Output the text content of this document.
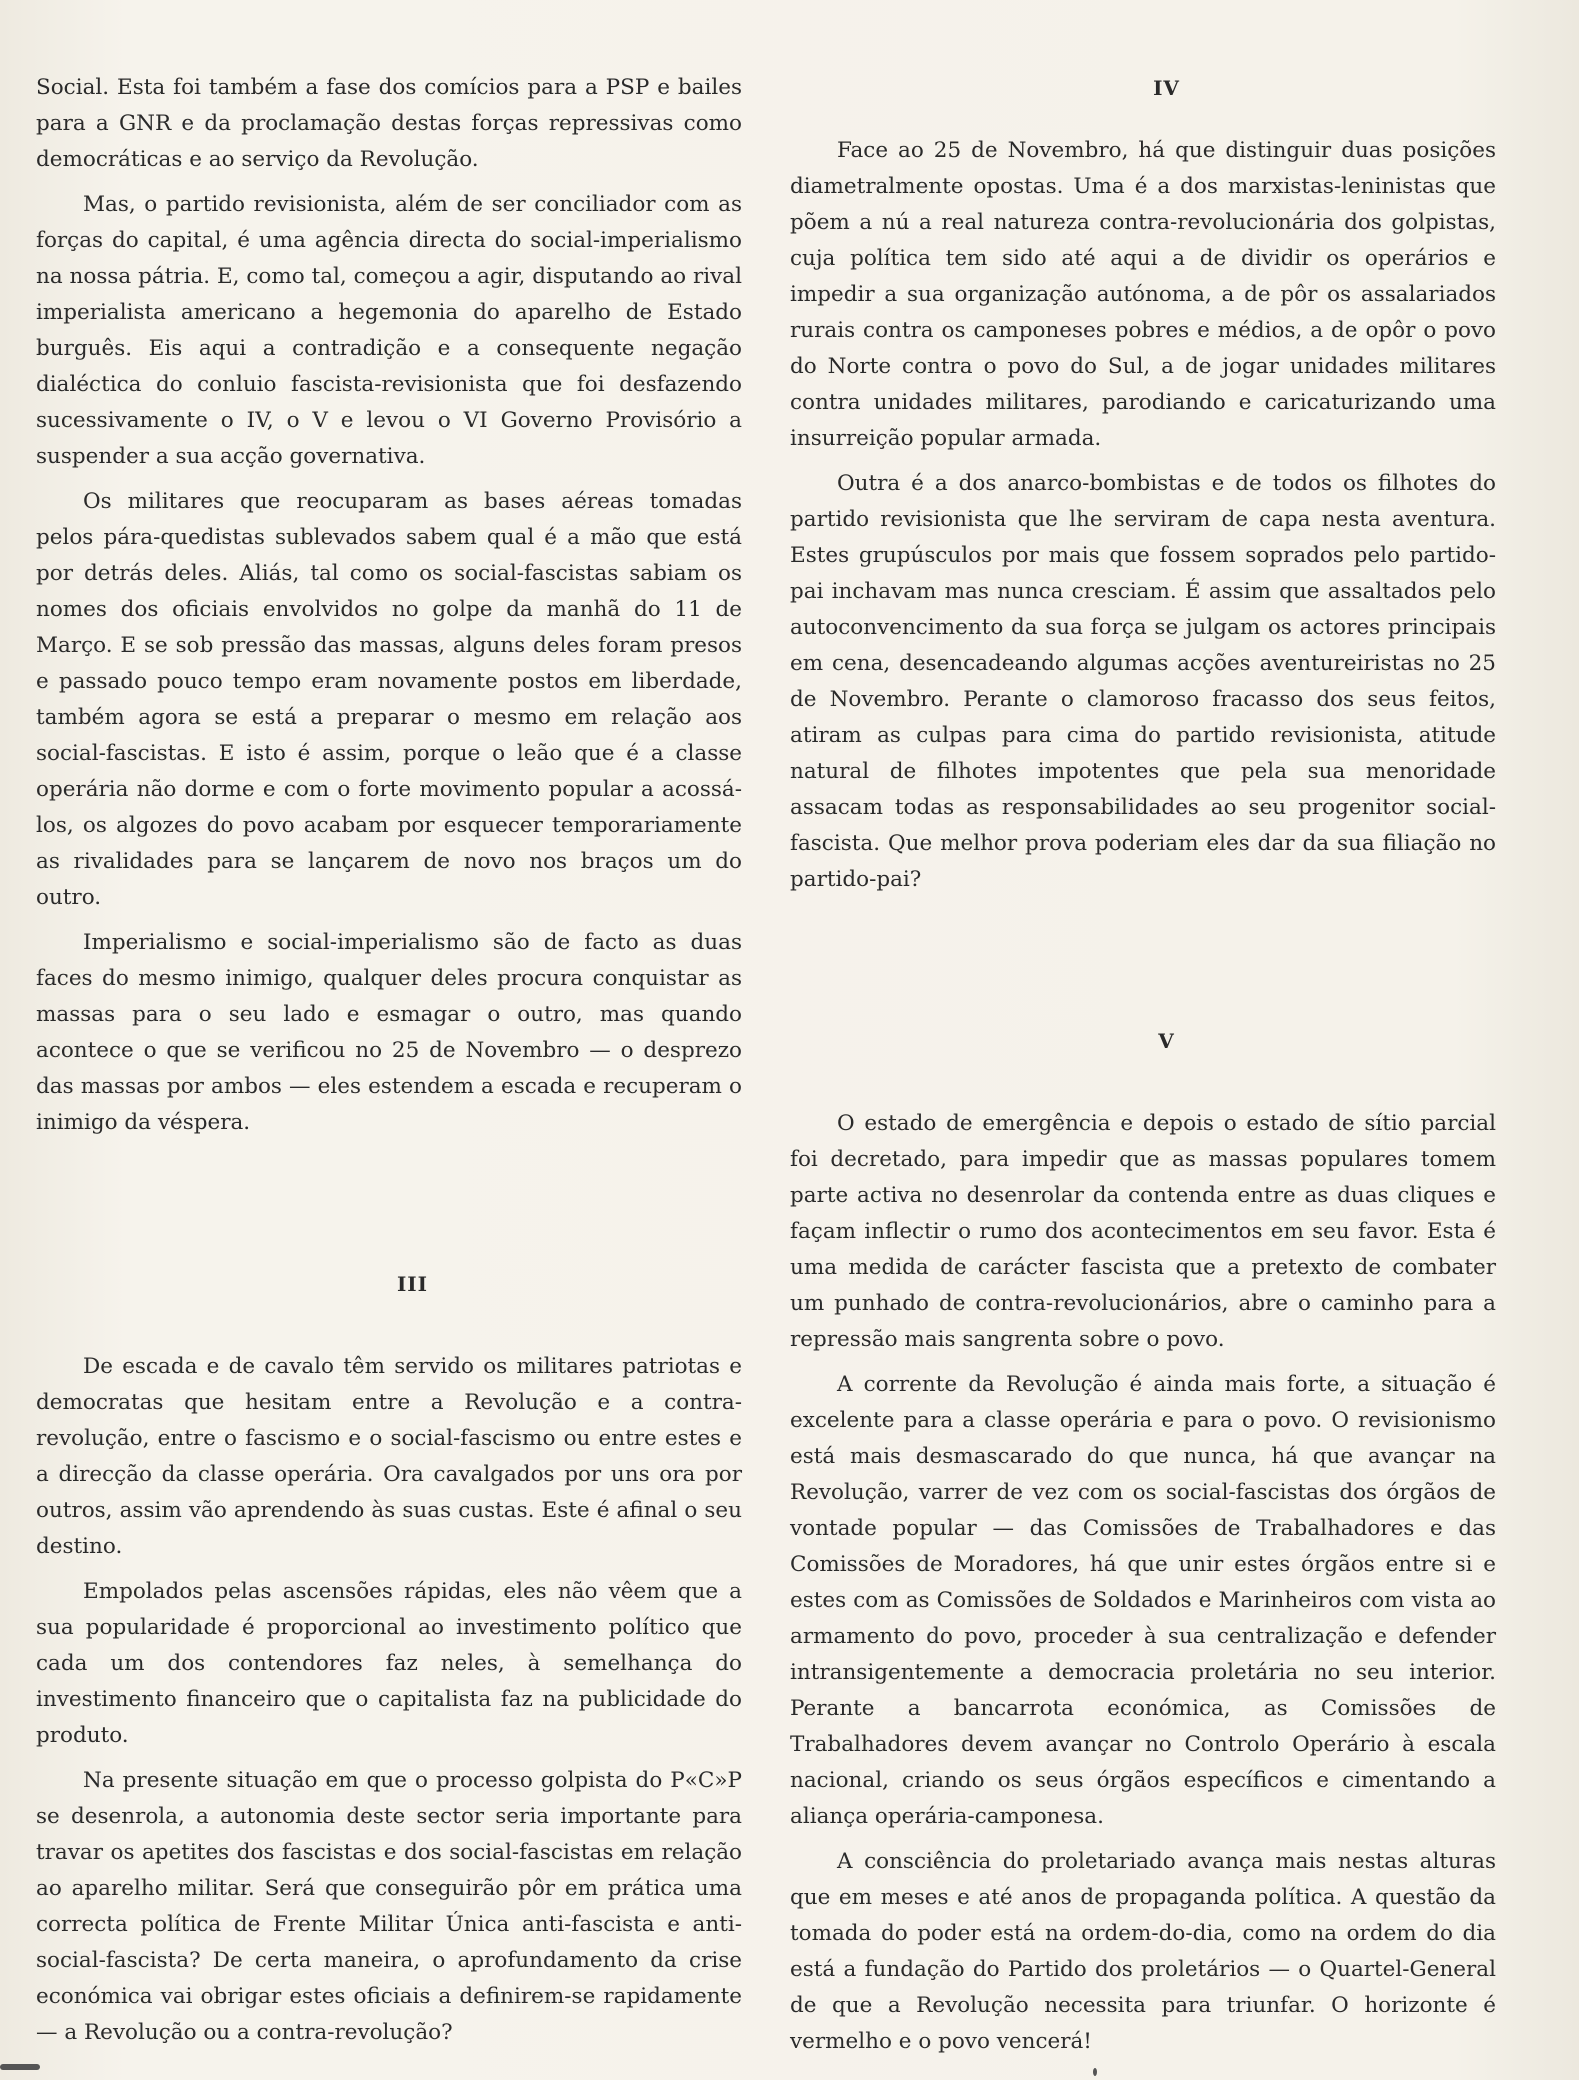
Social. Esta foi também a fase dos comícios para a PSP e bailes para a GNR e da proclamação destas forças repressivas como democráticas e ao serviço da Revolução.

Mas, o partido revisionista, além de ser conciliador com as forças do capital, é uma agência directa do social-imperialismo na nossa pátria. E, como tal, começou a agir, disputando ao rival imperialista americano a hegemonia do aparelho de Estado burguês. Eis aqui a contradição e a consequente negação dialéctica do conluio fascista-revisionista que foi desfazendo sucessivamente o IV, o V e levou o VI Governo Provisório a suspender a sua acção governativa.

Os militares que reocuparam as bases aéreas tomadas pelos pára-quedistas sublevados sabem qual é a mão que está por detrás deles. Aliás, tal como os social-fascistas sabiam os nomes dos oficiais envolvidos no golpe da manhã do 11 de Março. E se sob pressão das massas, alguns deles foram presos e passado pouco tempo eram novamente postos em liberdade, também agora se está a preparar o mesmo em relação aos social-fascistas. E isto é assim, porque o leão que é a classe operária não dorme e com o forte movimento popular a acossá-los, os algozes do povo acabam por esquecer temporariamente as rivalidades para se lançarem de novo nos braços um do outro.

Imperialismo e social-imperialismo são de facto as duas faces do mesmo inimigo, qualquer deles procura conquistar as massas para o seu lado e esmagar o outro, mas quando acontece o que se verificou no 25 de Novembro — o desprezo das massas por ambos — eles estendem a escada e recuperam o inimigo da véspera.

III

De escada e de cavalo têm servido os militares patriotas e democratas que hesitam entre a Revolução e a contra-revolução, entre o fascismo e o social-fascismo ou entre estes e a direcção da classe operária. Ora cavalgados por uns ora por outros, assim vão aprendendo às suas custas. Este é afinal o seu destino.

Empolados pelas ascensões rápidas, eles não vêem que a sua popularidade é proporcional ao investimento político que cada um dos contendores faz neles, à semelhança do investimento financeiro que o capitalista faz na publicidade do produto.

Na presente situação em que o processo golpista do P«C»P se desenrola, a autonomia deste sector seria importante para travar os apetites dos fascistas e dos social-fascistas em relação ao aparelho militar. Será que conseguirão pôr em prática uma correcta política de Frente Militar Única anti-fascista e anti-social-fascista? De certa maneira, o aprofundamento da crise económica vai obrigar estes oficiais a definirem-se rapidamente — a Revolução ou a contra-revolução?

IV

Face ao 25 de Novembro, há que distinguir duas posições diametralmente opostas. Uma é a dos marxistas-leninistas que põem a nú a real natureza contra-revolucionária dos golpistas, cuja política tem sido até aqui a de dividir os operários e impedir a sua organização autónoma, a de pôr os assalariados rurais contra os camponeses pobres e médios, a de opôr o povo do Norte contra o povo do Sul, a de jogar unidades militares contra unidades militares, parodiando e caricaturizando uma insurreição popular armada.

Outra é a dos anarco-bombistas e de todos os filhotes do partido revisionista que lhe serviram de capa nesta aventura. Estes grupúsculos por mais que fossem soprados pelo partido-pai inchavam mas nunca cresciam. É assim que assaltados pelo autoconvencimento da sua força se julgam os actores principais em cena, desencadeando algumas acções aventureiristas no 25 de Novembro. Perante o clamoroso fracasso dos seus feitos, atiram as culpas para cima do partido revisionista, atitude natural de filhotes impotentes que pela sua menoridade assacam todas as responsabilidades ao seu progenitor social-fascista. Que melhor prova poderiam eles dar da sua filiação no partido-pai?

V

O estado de emergência e depois o estado de sítio parcial foi decretado, para impedir que as massas populares tomem parte activa no desenrolar da contenda entre as duas cliques e façam inflectir o rumo dos acontecimentos em seu favor. Esta é uma medida de carácter fascista que a pretexto de combater um punhado de contra-revolucionários, abre o caminho para a repressão mais sangrenta sobre o povo.

A corrente da Revolução é ainda mais forte, a situação é excelente para a classe operária e para o povo. O revisionismo está mais desmascarado do que nunca, há que avançar na Revolução, varrer de vez com os social-fascistas dos órgãos de vontade popular — das Comissões de Trabalhadores e das Comissões de Moradores, há que unir estes órgãos entre si e estes com as Comissões de Soldados e Marinheiros com vista ao armamento do povo, proceder à sua centralização e defender intransigentemente a democracia proletária no seu interior. Perante a bancarrota económica, as Comissões de Trabalhadores devem avançar no Controlo Operário à escala nacional, criando os seus órgãos específicos e cimentando a aliança operária-camponesa.

A consciência do proletariado avança mais nestas alturas que em meses e até anos de propaganda política. A questão da tomada do poder está na ordem-do-dia, como na ordem do dia está a fundação do Partido dos proletários — o Quartel-General de que a Revolução necessita para triunfar. O horizonte é vermelho e o povo vencerá!
